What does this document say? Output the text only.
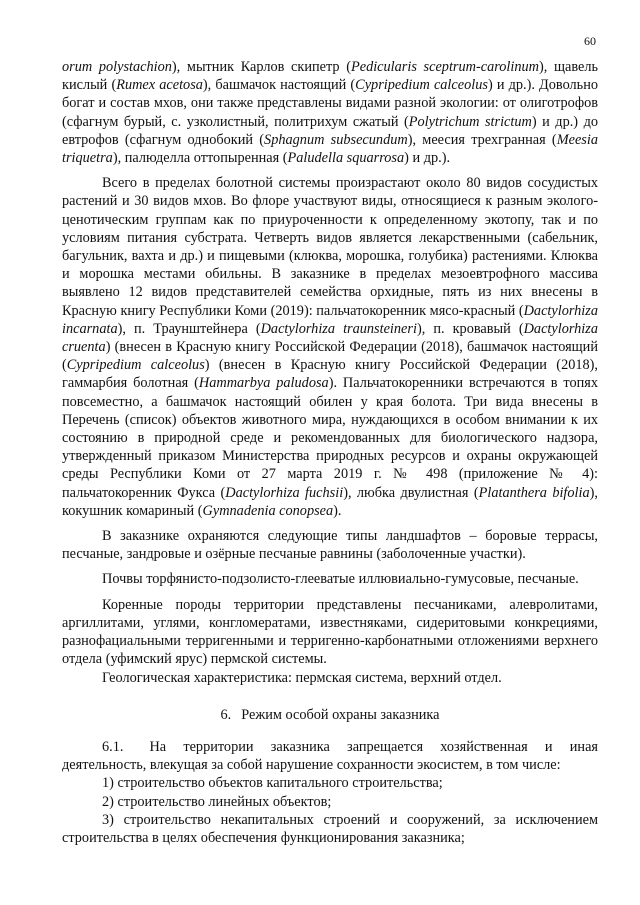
60

orum polystachion), мытник Карлов скипетр (Pedicularis sceptrum-carolinum), щавель кислый (Rumex acetosa), башмачок настоящий (Cypripedium calceolus) и др.). Довольно богат и состав мхов, они также представлены видами разной экологии: от олиготрофов (сфагнум бурый, с. узколистный, политрихум сжатый (Polytrichum strictum) и др.) до евтрофов (сфагнум однобокий (Sphagnum subsecundum), меесия трехгранная (Meesia triquetra), палюделла оттопыренная (Paludella squarrosa) и др.).

Всего в пределах болотной системы произрастают около 80 видов сосудистых растений и 30 видов мхов. Во флоре участвуют виды, относящиеся к разным эколого-ценотическим группам как по приуроченности к определенному экотопу, так и по условиям питания субстрата. Четверть видов является лекарственными (сабельник, багульник, вахта и др.) и пищевыми (клюква, морошка, голубика) растениями. Клюква и морошка местами обильны. В заказнике в пределах мезоевтрофного массива выявлено 12 видов представителей семейства орхидные, пять из них внесены в Красную книгу Республики Коми (2019): пальчатокоренник мясо-красный (Dactylorhiza incarnata), п. Траунштейнера (Dactylorhiza traunsteineri), п. кровавый (Dactylorhiza cruenta) (внесен в Красную книгу Российской Федерации (2018), башмачок настоящий (Cypripedium calceolus) (внесен в Красную книгу Российской Федерации (2018), гаммарбия болотная (Hammarbya paludosa). Пальчатокоренники встречаются в топях повсеместно, а башмачок настоящий обилен у края болота. Три вида внесены в Перечень (список) объектов животного мира, нуждающихся в особом внимании к их состоянию в природной среде и рекомендованных для биологического надзора, утвержденный приказом Министерства природных ресурсов и охраны окружающей среды Республики Коми от 27 марта 2019 г. № 498 (приложение № 4): пальчатокоренник Фукса (Dactylorhiza fuchsii), любка двулистная (Platanthera bifolia), кокушник комариный (Gymnadenia conopsea).

В заказнике охраняются следующие типы ландшафтов – боровые террасы, песчаные, зандровые и озёрные песчаные равнины (заболоченные участки).

Почвы торфянисто-подзолисто-глееватые иллювиально-гумусовые, песчаные.

Коренные породы территории представлены песчаниками, алевролитами, аргиллитами, углями, конгломератами, известняками, сидеритовыми конкрециями, разнофациальными терригенными и терригенно-карбонатными отложениями верхнего отдела (уфимский ярус) пермской системы.

Геологическая характеристика: пермская система, верхний отдел.

6. Режим особой охраны заказника

6.1. На территории заказника запрещается хозяйственная и иная деятельность, влекущая за собой нарушение сохранности экосистем, в том числе:

1) строительство объектов капитального строительства;

2) строительство линейных объектов;

3) строительство некапитальных строений и сооружений, за исключением строительства в целях обеспечения функционирования заказника;
